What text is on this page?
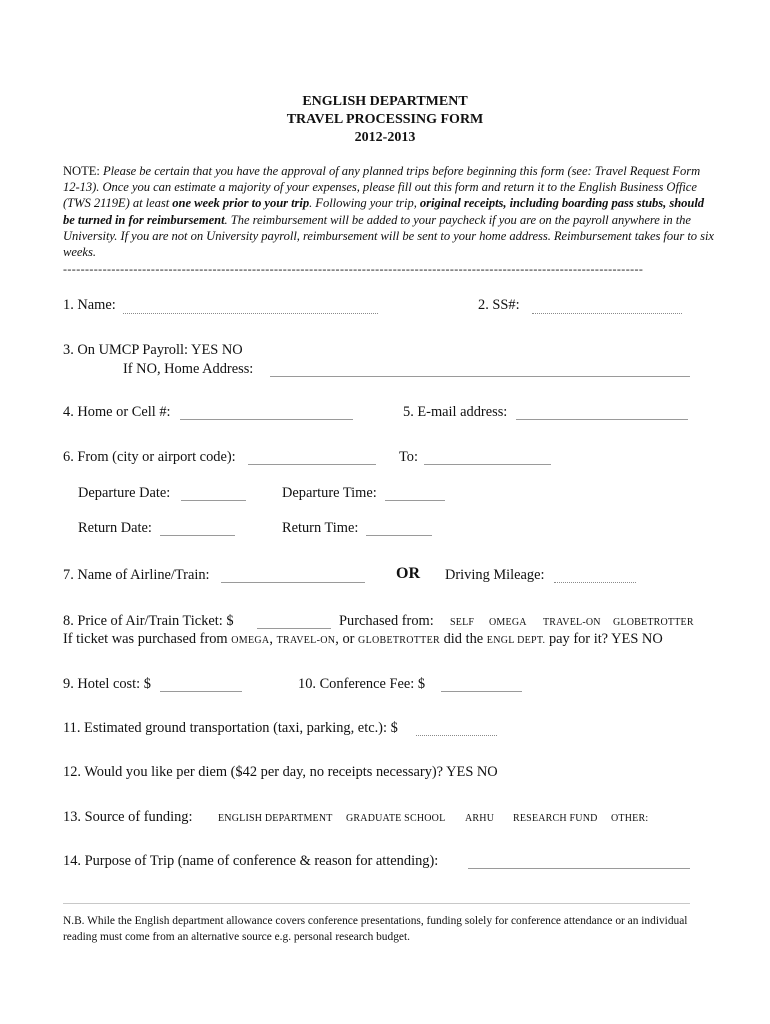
ENGLISH DEPARTMENT
TRAVEL PROCESSING FORM
2012-2013
NOTE: Please be certain that you have the approval of any planned trips before beginning this form (see: Travel Request Form 12-13). Once you can estimate a majority of your expenses, please fill out this form and return it to the English Business Office (TWS 2119E) at least one week prior to your trip. Following your trip, original receipts, including boarding pass stubs, should be turned in for reimbursement. The reimbursement will be added to your paycheck if you are on the payroll anywhere in the University. If you are not on University payroll, reimbursement will be sent to your home address. Reimbursement takes four to six weeks.
------------------------------------------------------------------------------------------------------------------------------------
1. Name:	2. SS#:
3. On UMCP Payroll: YES NO
If NO, Home Address:
4. Home or Cell #:	5. E-mail address:
6. From (city or airport code):	To:
Departure Date:	Departure Time:
Return Date:	Return Time:
7. Name of Airline/Train:	OR Driving Mileage:
8. Price of Air/Train Ticket: $	Purchased from: SELF OMEGA TRAVEL-ON GLOBETROTTER
If ticket was purchased from OMEGA, TRAVEL-ON, or GLOBETROTTER did the ENGL DEPT. pay for it? YES NO
9. Hotel cost: $	10. Conference Fee: $
11. Estimated ground transportation (taxi, parking, etc.): $
12. Would you like per diem ($42 per day, no receipts necessary)? YES NO
13. Source of funding:	ENGLISH DEPARTMENT GRADUATE SCHOOL ARHU RESEARCH FUND OTHER:
14. Purpose of Trip (name of conference & reason for attending):
N.B. While the English department allowance covers conference presentations, funding solely for conference attendance or an individual reading must come from an alternative source e.g. personal research budget.
